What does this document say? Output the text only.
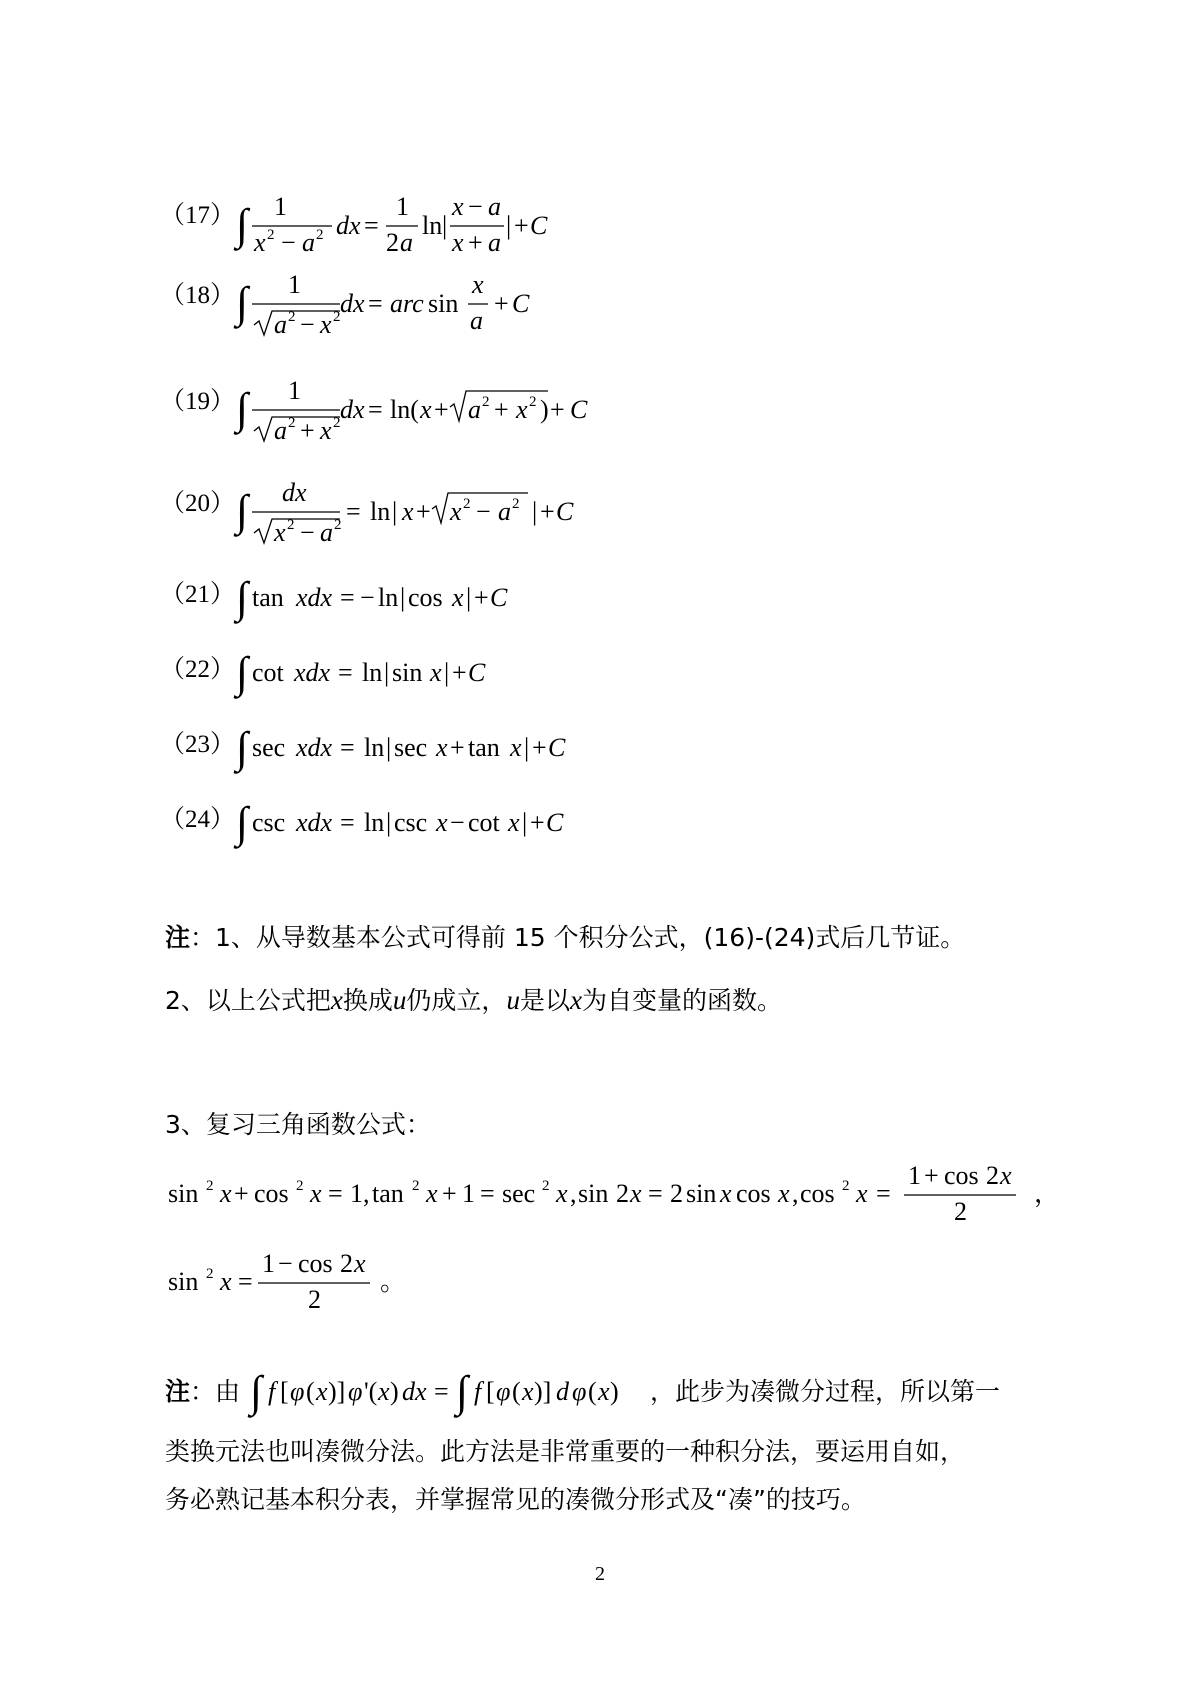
（17） ∫ 1
x 2 − a 2 dx =
1
2 a
ln |
x − a
x + a
| + C
（18） ∫ 1
a 2 − x 2 dx = arc sin
x
a
+ C
（19） ∫ 1
a 2 + x 2 dx = ln( x + a 2 + x 2 ) + C
（20） ∫ dx
x 2 − a 2 = ln | x + x 2 − a 2 | + C
（21） ∫ tan xdx = − ln | cos x | + C
（22） ∫ cot xdx = ln | sin x | + C
（23） ∫ sec xdx = ln | sec x + tan x | + C
（24） ∫ csc xdx = ln | csc x − cot x | + C
注：1、从导数基本公式可得前 15 个积分公式，(16)-(24)式后几节证。
2、以上公式把x换成u仍成立，u是以x为自变量的函数。
3、复习三角函数公式：
sin 2 x + cos 2 x = 1, tan 2 x + 1 = sec 2 x , sin 2 x = 2 sin x cos x , cos 2 x =
1 + cos 2 x
2
，
sin 2 x =
1 − cos 2 x
2
。
注：由	，此步为凑微分过程，所以第一
∫ f [ φ ( x )] φ '( x ) dx = ∫ f [ φ ( x )] d φ ( x )
类换元法也叫凑微分法。此方法是非常重要的一种积分法，要运用自如，
务必熟记基本积分表，并掌握常见的凑微分形式及“凑”的技巧。
2
